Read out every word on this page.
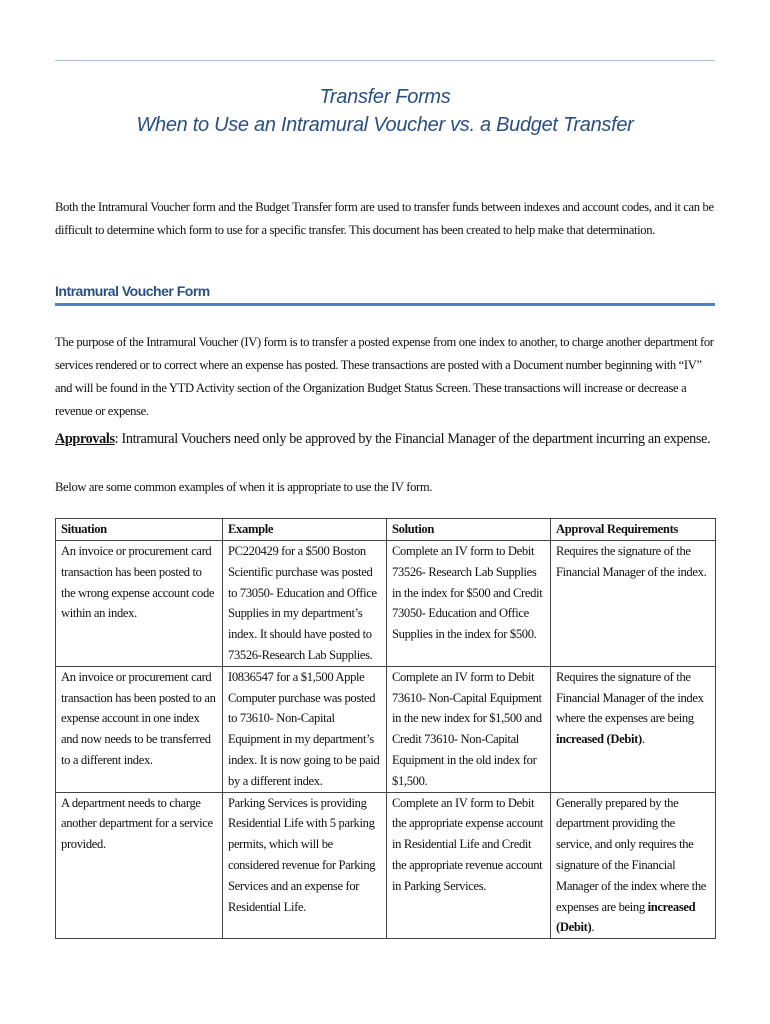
Transfer Forms
When to Use an Intramural Voucher vs. a Budget Transfer
Both the Intramural Voucher form and the Budget Transfer form are used to transfer funds between indexes and account codes, and it can be difficult to determine which form to use for a specific transfer. This document has been created to help make that determination.
Intramural Voucher Form
The purpose of the Intramural Voucher (IV) form is to transfer a posted expense from one index to another, to charge another department for services rendered or to correct where an expense has posted. These transactions are posted with a Document number beginning with “IV” and will be found in the YTD Activity section of the Organization Budget Status Screen. These transactions will increase or decrease a revenue or expense.
Approvals: Intramural Vouchers need only be approved by the Financial Manager of the department incurring an expense.
Below are some common examples of when it is appropriate to use the IV form.
Situation	Example	Solution	Approval Requirements
An invoice or procurement card transaction has been posted to the wrong expense account code within an index.	PC220429 for a $500 Boston Scientific purchase was posted to 73050- Education and Office Supplies in my department’s index. It should have posted to 73526-Research Lab Supplies.	Complete an IV form to Debit 73526- Research Lab Supplies in the index for $500 and Credit 73050- Education and Office Supplies in the index for $500.	Requires the signature of the Financial Manager of the index.
An invoice or procurement card transaction has been posted to an expense account in one index and now needs to be transferred to a different index.	I0836547 for a $1,500 Apple Computer purchase was posted to 73610- Non-Capital Equipment in my department’s index. It is now going to be paid by a different index.	Complete an IV form to Debit 73610- Non-Capital Equipment in the new index for $1,500 and Credit 73610- Non-Capital Equipment in the old index for $1,500.	Requires the signature of the Financial Manager of the index where the expenses are being increased (Debit).
A department needs to charge another department for a service provided.	Parking Services is providing Residential Life with 5 parking permits, which will be considered revenue for Parking Services and an expense for Residential Life.	Complete an IV form to Debit the appropriate expense account in Residential Life and Credit the appropriate revenue account in Parking Services.	Generally prepared by the department providing the service, and only requires the signature of the Financial Manager of the index where the expenses are being increased (Debit).
